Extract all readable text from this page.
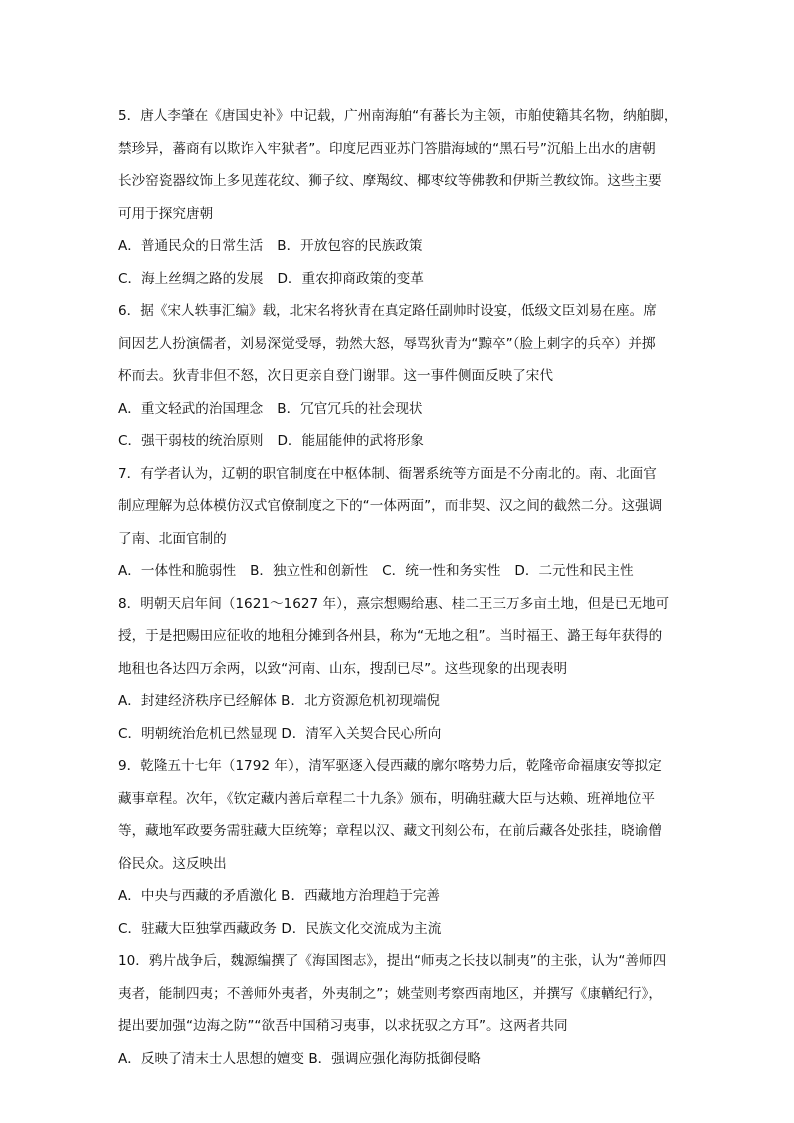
5．唐人李肇在《唐国史补》中记载，广州南海舶“有蕃长为主领，市舶使籍其名物，纳舶脚，
禁珍异，蕃商有以欺诈入牢狱者”。印度尼西亚苏门答腊海域的“黑石号”沉船上出水的唐朝
长沙窑瓷器纹饰上多见莲花纹、狮子纹、摩羯纹、椰枣纹等佛教和伊斯兰教纹饰。这些主要
可用于探究唐朝
A．普通民众的日常生活 B．开放包容的民族政策
C．海上丝绸之路的发展 D．重农抑商政策的变革
6．据《宋人轶事汇编》载，北宋名将狄青在真定路任副帅时设宴，低级文臣刘易在座。席
间因艺人扮演儒者，刘易深觉受辱，勃然大怒，辱骂狄青为“黥卒”（脸上刺字的兵卒）并掷
杯而去。狄青非但不怒，次日更亲自登门谢罪。这一事件侧面反映了宋代
A．重文轻武的治国理念 B．冗官冗兵的社会现状
C．强干弱枝的统治原则 D．能屈能伸的武将形象
7．有学者认为，辽朝的职官制度在中枢体制、衙署系统等方面是不分南北的。南、北面官
制应理解为总体模仿汉式官僚制度之下的“一体两面”，而非契、汉之间的截然二分。这强调
了南、北面官制的
A．一体性和脆弱性 B．独立性和创新性 C．统一性和务实性 D．二元性和民主性
8．明朝天启年间（1621～1627 年），熹宗想赐给惠、桂二王三万多亩土地，但是已无地可
授，于是把赐田应征收的地租分摊到各州县，称为“无地之租”。当时福王、潞王每年获得的
地租也各达四万余两，以致“河南、山东，搜刮已尽”。这些现象的出现表明
A．封建经济秩序已经解体 B．北方资源危机初现端倪
C．明朝统治危机已然显现 D．清军入关契合民心所向
9．乾隆五十七年（1792 年），清军驱逐入侵西藏的廓尔喀势力后，乾隆帝命福康安等拟定
藏事章程。次年，《钦定藏内善后章程二十九条》颁布，明确驻藏大臣与达赖、班禅地位平
等，藏地军政要务需驻藏大臣统筹；章程以汉、藏文刊刻公布，在前后藏各处张挂，晓谕僧
俗民众。这反映出
A．中央与西藏的矛盾激化 B．西藏地方治理趋于完善
C．驻藏大臣独掌西藏政务 D．民族文化交流成为主流
10．鸦片战争后，魏源编撰了《海国图志》，提出“师夷之长技以制夷”的主张，认为“善师四
夷者，能制四夷；不善师外夷者，外夷制之”；姚莹则考察西南地区，并撰写《康輶纪行》，
提出要加强“边海之防”“欲吾中国稍习夷事，以求抚驭之方耳”。这两者共同
A．反映了清末士人思想的嬗变 B．强调应强化海防抵御侵略
